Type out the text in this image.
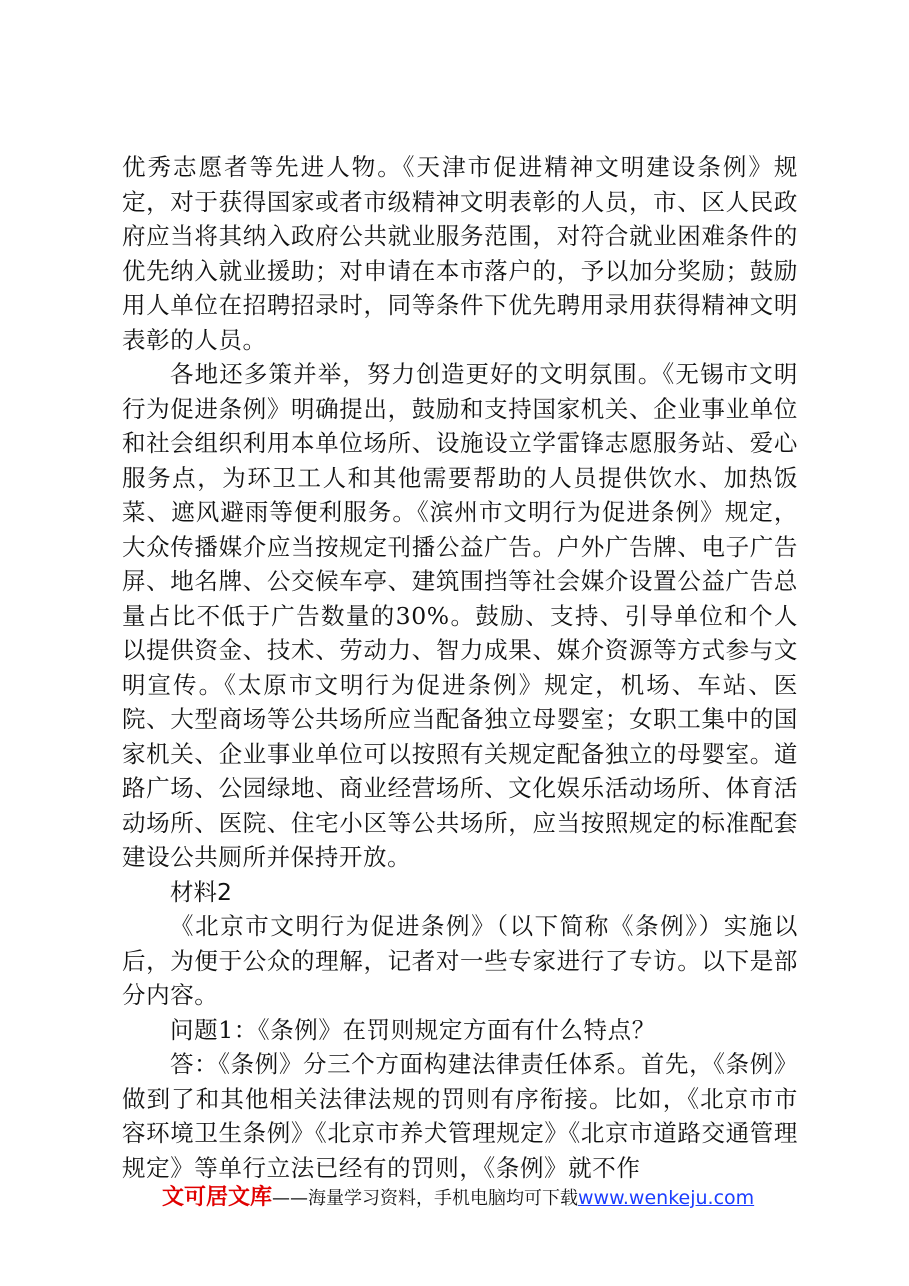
优秀志愿者等先进人物。《天津市促进精神文明建设条例》规定，对于获得国家或者市级精神文明表彰的人员，市、区人民政府应当将其纳入政府公共就业服务范围，对符合就业困难条件的优先纳入就业援助；对申请在本市落户的，予以加分奖励；鼓励用人单位在招聘招录时，同等条件下优先聘用录用获得精神文明表彰的人员。

各地还多策并举，努力创造更好的文明氛围。《无锡市文明行为促进条例》明确提出，鼓励和支持国家机关、企业事业单位和社会组织利用本单位场所、设施设立学雷锋志愿服务站、爱心服务点，为环卫工人和其他需要帮助的人员提供饮水、加热饭菜、遮风避雨等便利服务。《滨州市文明行为促进条例》规定，大众传播媒介应当按规定刊播公益广告。户外广告牌、电子广告屏、地名牌、公交候车亭、建筑围挡等社会媒介设置公益广告总量占比不低于广告数量的30%。鼓励、支持、引导单位和个人以提供资金、技术、劳动力、智力成果、媒介资源等方式参与文明宣传。《太原市文明行为促进条例》规定，机场、车站、医院、大型商场等公共场所应当配备独立母婴室；女职工集中的国家机关、企业事业单位可以按照有关规定配备独立的母婴室。道路广场、公园绿地、商业经营场所、文化娱乐活动场所、体育活动场所、医院、住宅小区等公共场所，应当按照规定的标准配套建设公共厕所并保持开放。

材料2

《北京市文明行为促进条例》（以下简称《条例》）实施以后，为便于公众的理解，记者对一些专家进行了专访。以下是部分内容。

问题1：《条例》在罚则规定方面有什么特点？

答：《条例》分三个方面构建法律责任体系。首先，《条例》做到了和其他相关法律法规的罚则有序衔接。比如，《北京市市容环境卫生条例》《北京市养犬管理规定》《北京市道路交通管理规定》等单行立法已经有的罚则，《条例》就不作

文可居文库——海量学习资料，手机电脑均可下载www.wenkeju.com
